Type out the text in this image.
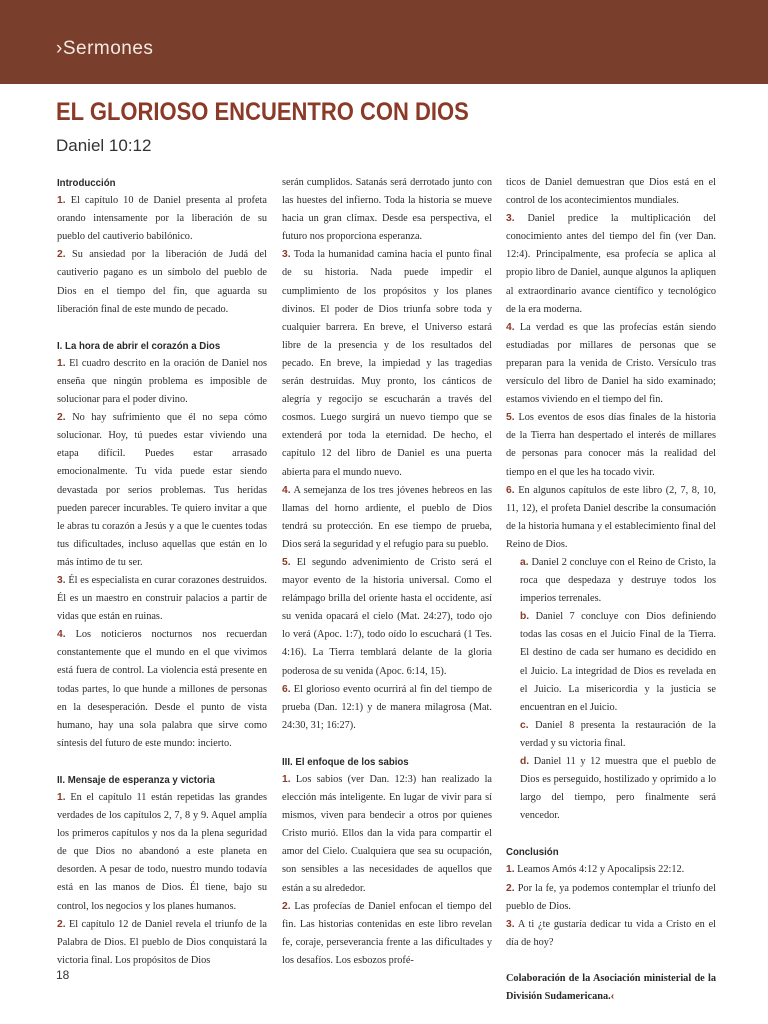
›Sermones
EL GLORIOSO ENCUENTRO CON DIOS
Daniel 10:12

Introducción

1. El capítulo 10 de Daniel presenta al profeta orando intensamente por la liberación de su pueblo del cautiverio babilónico.

2. Su ansiedad por la liberación de Judá del cautiverio pagano es un símbolo del pueblo de Dios en el tiempo del fin, que aguarda su liberación final de este mundo de pecado.

I. La hora de abrir el corazón a Dios

1. El cuadro descrito en la oración de Daniel nos enseña que ningún problema es imposible de solucionar para el poder divino.

2. No hay sufrimiento que él no sepa cómo solucionar. Hoy, tú puedes estar viviendo una etapa difícil. Puedes estar arrasado emocionalmente. Tu vida puede estar siendo devastada por serios problemas. Tus heridas pueden parecer incurables. Te quiero invitar a que le abras tu corazón a Jesús y a que le cuentes todas tus dificultades, incluso aquellas que están en lo más íntimo de tu ser.

3. Él es especialista en curar corazones destruidos. Él es un maestro en construir palacios a partir de vidas que están en ruinas.

4. Los noticieros nocturnos nos recuerdan constantemente que el mundo en el que vivimos está fuera de control. La violencia está presente en todas partes, lo que hunde a millones de personas en la desesperación. Desde el punto de vista humano, hay una sola palabra que sirve como síntesis del futuro de este mundo: incierto.

II. Mensaje de esperanza y victoria

1. En el capítulo 11 están repetidas las grandes verdades de los capítulos 2, 7, 8 y 9. Aquel amplía los primeros capítulos y nos da la plena seguridad de que Dios no abandonó a este planeta en desorden. A pesar de todo, nuestro mundo todavía está en las manos de Dios. Él tiene, bajo su control, los negocios y los planes humanos.

2. El capítulo 12 de Daniel revela el triunfo de la Palabra de Dios. El pueblo de Dios conquistará la victoria final. Los propósitos de Dios

serán cumplidos. Satanás será derrotado junto con las huestes del infierno. Toda la historia se mueve hacia un gran clímax. Desde esa perspectiva, el futuro nos proporciona esperanza.

3. Toda la humanidad camina hacia el punto final de su historia. Nada puede impedir el cumplimiento de los propósitos y los planes divinos. El poder de Dios triunfa sobre toda y cualquier barrera. En breve, el Universo estará libre de la presencia y de los resultados del pecado. En breve, la impiedad y las tragedias serán destruidas. Muy pronto, los cánticos de alegría y regocijo se escucharán a través del cosmos. Luego surgirá un nuevo tiempo que se extenderá por toda la eternidad. De hecho, el capítulo 12 del libro de Daniel es una puerta abierta para el mundo nuevo.

4. A semejanza de los tres jóvenes hebreos en las llamas del horno ardiente, el pueblo de Dios tendrá su protección. En ese tiempo de prueba, Dios será la seguridad y el refugio para su pueblo.

5. El segundo advenimiento de Cristo será el mayor evento de la historia universal. Como el relámpago brilla del oriente hasta el occidente, así su venida opacará el cielo (Mat. 24:27), todo ojo lo verá (Apoc. 1:7), todo oído lo escuchará (1 Tes. 4:16). La Tierra temblará delante de la gloria poderosa de su venida (Apoc. 6:14, 15).

6. El glorioso evento ocurrirá al fin del tiempo de prueba (Dan. 12:1) y de manera milagrosa (Mat. 24:30, 31; 16:27).

III. El enfoque de los sabios

1. Los sabios (ver Dan. 12:3) han realizado la elección más inteligente. En lugar de vivir para sí mismos, viven para bendecir a otros por quienes Cristo murió. Ellos dan la vida para compartir el amor del Cielo. Cualquiera que sea su ocupación, son sensibles a las necesidades de aquellos que están a su alrededor.

2. Las profecías de Daniel enfocan el tiempo del fin. Las historias contenidas en este libro revelan fe, coraje, perseverancia frente a las dificultades y los desafíos. Los esbozos profé-

ticos de Daniel demuestran que Dios está en el control de los acontecimientos mundiales.

3. Daniel predice la multiplicación del conocimiento antes del tiempo del fin (ver Dan. 12:4). Principalmente, esa profecía se aplica al propio libro de Daniel, aunque algunos la apliquen al extraordinario avance científico y tecnológico de la era moderna.

4. La verdad es que las profecías están siendo estudiadas por millares de personas que se preparan para la venida de Cristo. Versículo tras versículo del libro de Daniel ha sido examinado; estamos viviendo en el tiempo del fin.

5. Los eventos de esos días finales de la historia de la Tierra han despertado el interés de millares de personas para conocer más la realidad del tiempo en el que les ha tocado vivir.

6. En algunos capítulos de este libro (2, 7, 8, 10, 11, 12), el profeta Daniel describe la consumación de la historia humana y el establecimiento final del Reino de Dios.

a. Daniel 2 concluye con el Reino de Cristo, la roca que despedaza y destruye todos los imperios terrenales.

b. Daniel 7 concluye con Dios definiendo todas las cosas en el Juicio Final de la Tierra. El destino de cada ser humano es decidido en el Juicio. La integridad de Dios es revelada en el Juicio. La misericordia y la justicia se encuentran en el Juicio.

c. Daniel 8 presenta la restauración de la verdad y su victoria final.

d. Daniel 11 y 12 muestra que el pueblo de Dios es perseguido, hostilizado y oprimido a lo largo del tiempo, pero finalmente será vencedor.

Conclusión

1. Leamos Amós 4:12 y Apocalipsis 22:12.

2. Por la fe, ya podemos contemplar el triunfo del pueblo de Dios.

3. A ti ¿te gustaría dedicar tu vida a Cristo en el día de hoy?

Colaboración de la Asociación ministerial de la División Sudamericana.‹

18
